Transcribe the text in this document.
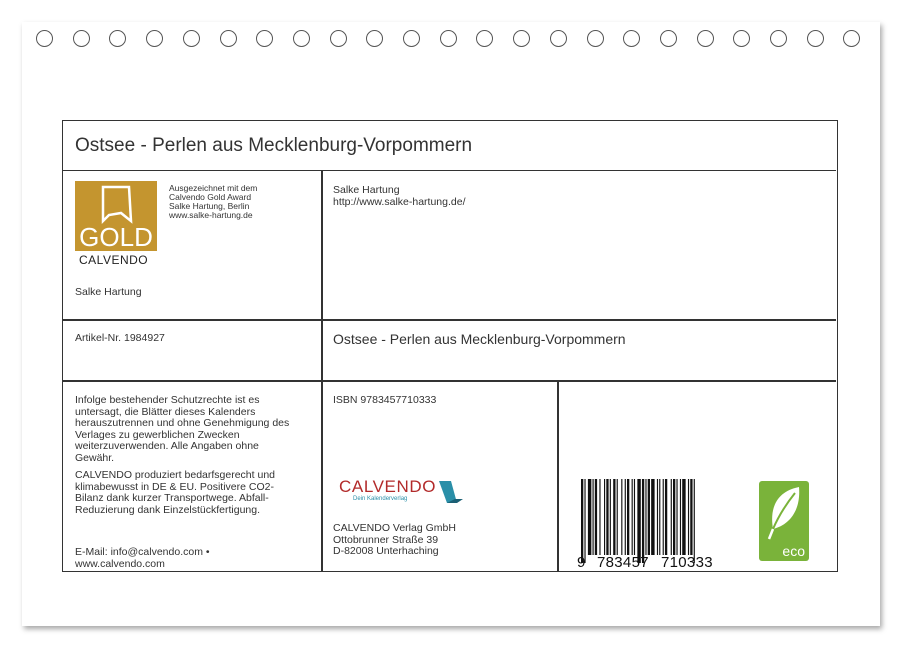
Ostsee - Perlen aus Mecklenburg-Vorpommern
GOLD
CALVENDO
Ausgezeichnet mit dem
Calvendo Gold Award
Salke Hartung, Berlin
www.salke-hartung.de
Salke Hartung
Salke Hartung
http://www.salke-hartung.de/
Artikel-Nr. 1984927	Ostsee - Perlen aus Mecklenburg-Vorpommern
Infolge bestehender Schutzrechte ist es
untersagt, die Blätter dieses Kalenders
herauszutrennen und ohne Genehmigung des
Verlages zu gewerblichen Zwecken
weiterzuverwenden. Alle Angaben ohne
Gewähr.
CALVENDO produziert bedarfsgerecht und
klimabewusst in DE & EU. Positivere CO2-
Bilanz dank kurzer Transportwege. Abfall-
Reduzierung dank Einzelstückfertigung.
E-Mail: info@calvendo.com •
www.calvendo.com
ISBN 9783457710333
CALVENDO
Dein Kalenderverlag
CALVENDO Verlag GmbH
Ottobrunner Straße 39
D-82008 Unterhaching
9 783457 710333
eco
